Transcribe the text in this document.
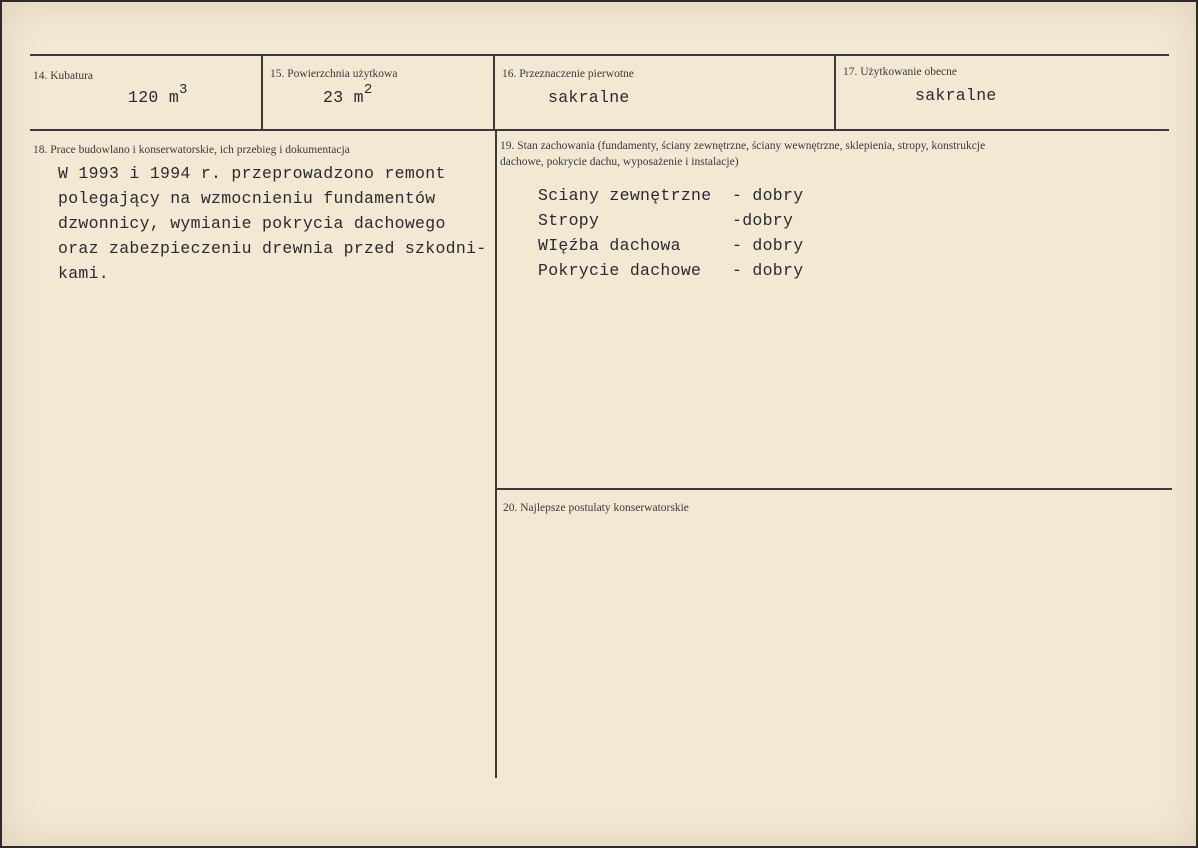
14. Kubatura
120 $m^3$
15. Powierzchnia użytkowa
23 $m^2$
16. Przeznaczenie pierwotne
sakralne
17. Użytkowanie obecne
sakralne
18. Prace budowlano i konserwatorskie, ich przebieg i dokumentacja
W 1993 i 1994 r. przeprowadzono remont
polegający na wzmocnieniu fundamentów
dzwonnicy, wymianie pokrycia dachowego
oraz zabezpieczeniu drewnia przed szkodni-
kami.
19. Stan zachowania (fundamenty, ściany zewnętrzne, ściany wewnętrzne, sklepienia, stropy, konstrukcje
dachowe, pokrycie dachu, wyposażenie i instalacje)
Sciany zewnętrzne - dobry
Stropy	-dobry
WIęźba dachowa	- dobry
Pokrycie dachowe - dobry
20. Najlepsze postulaty konserwatorskie
